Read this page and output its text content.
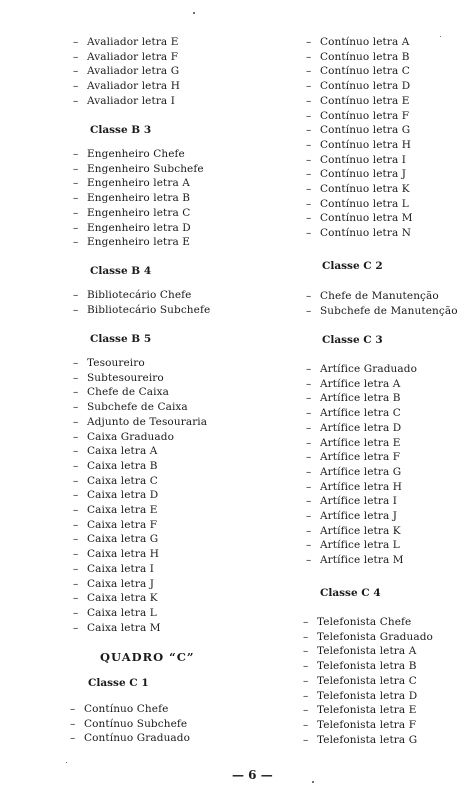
– Avaliador letra E
– Avaliador letra F
– Avaliador letra G
– Avaliador letra H
– Avaliador letra I
Classe B 3
– Engenheiro Chefe
– Engenheiro Subchefe
– Engenheiro letra A
– Engenheiro letra B
– Engenheiro letra C
– Engenheiro letra D
– Engenheiro letra E
Classe B 4
– Bibliotecário Chefe
– Bibliotecário Subchefe
Classe B 5
– Tesoureiro
– Subtesoureiro
– Chefe de Caixa
– Subchefe de Caixa
– Adjunto de Tesouraria
– Caixa Graduado
– Caixa letra A
– Caixa letra B
– Caixa letra C
– Caixa letra D
– Caixa letra E
– Caixa letra F
– Caixa letra G
– Caixa letra H
– Caixa letra I
– Caixa letra J
– Caixa letra K
– Caixa letra L
– Caixa letra M
QUADRO “C”
Classe C 1
– Contínuo Chefe
– Contínuo Subchefe
– Contínuo Graduado
– Contínuo letra A
– Contínuo letra B
– Contínuo letra C
– Contínuo letra D
– Contínuo letra E
– Contínuo letra F
– Contínuo letra G
– Contínuo letra H
– Contínuo letra I
– Contínuo letra J
– Contínuo letra K
– Contínuo letra L
– Contínuo letra M
– Contínuo letra N
Classe C 2
– Chefe de Manutenção
– Subchefe de Manutenção
Classe C 3
– Artífice Graduado
– Artífice letra A
– Artífice letra B
– Artífice letra C
– Artífice letra D
– Artífice letra E
– Artífice letra F
– Artífice letra G
– Artífice letra H
– Artífice letra I
– Artífice letra J
– Artífice letra K
– Artífice letra L
– Artífice letra M
Classe C 4
– Telefonista Chefe
– Telefonista Graduado
– Telefonista letra A
– Telefonista letra B
– Telefonista letra C
– Telefonista letra D
– Telefonista letra E
– Telefonista letra F
– Telefonista letra G
— 6 —
